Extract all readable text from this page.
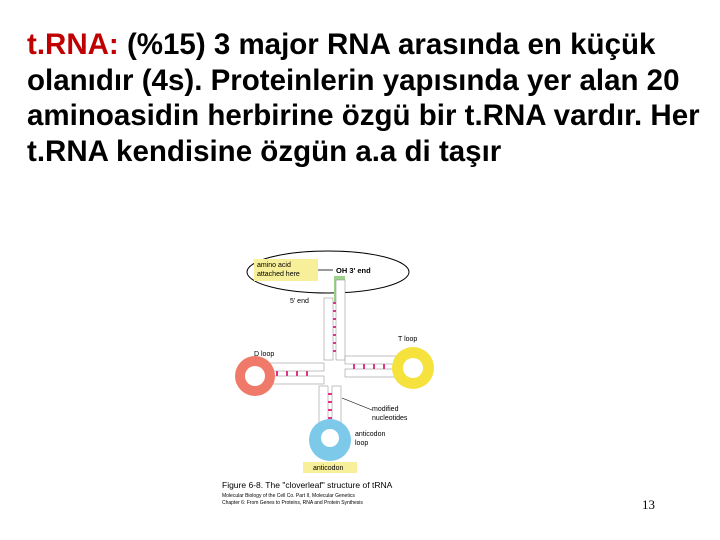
t.RNA: (%15) 3 major RNA arasında en küçük olanıdır (4s). Proteinlerin yapısında yer alan 20 aminoasidin herbirine özgü bir t.RNA vardır. Her t.RNA kendisine özgün a.a di taşır

amino acid
attached here	OH 3' end
5' end
D loop
T loop
anticodon
anticodon
loop
modified
nucleotides
Figure 6-8. The "cloverleaf" structure of tRNA
Molecular Biology of the Cell Co. Part II, Molecular Genetics
Chapter 6: From Genes to Proteins, RNA and Protein Synthesis	13
